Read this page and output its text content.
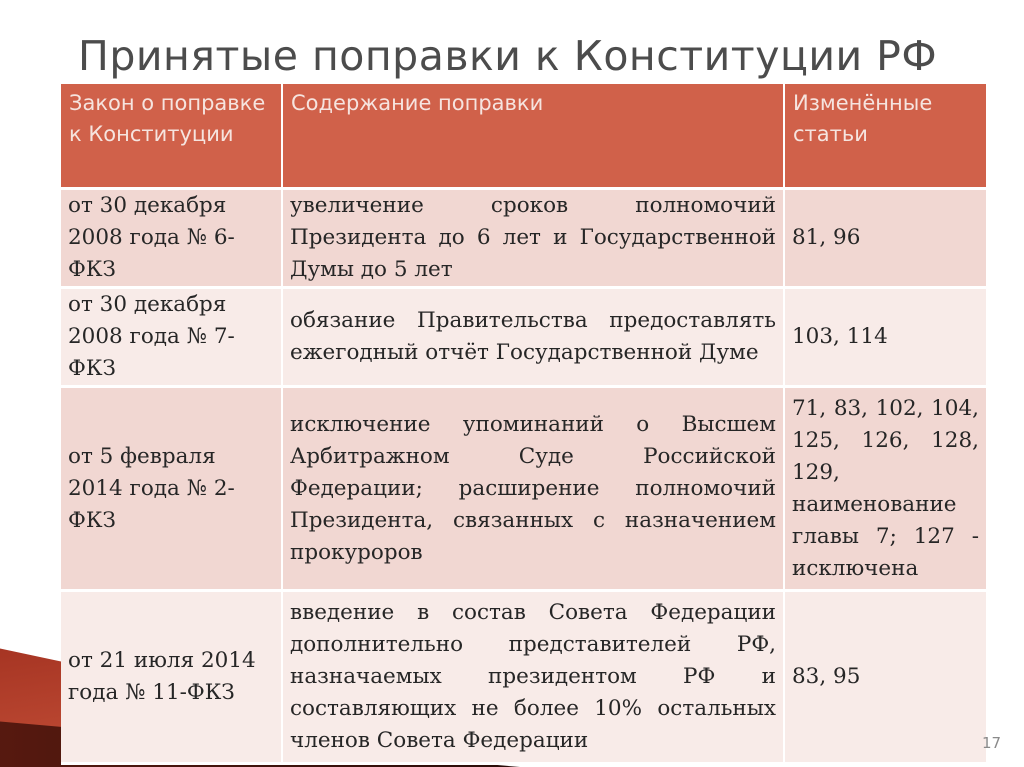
Принятые поправки к Конституции РФ
Закон о поправке к Конституции	Содержание поправки	Изменённые статьи
от 30 декабря 2008 года № 6-ФКЗ	увеличение сроков полномочий Президента до 6 лет и Государственной Думы до 5 лет	81, 96
от 30 декабря 2008 года № 7-ФКЗ	обязание Правительства предоставлять ежегодный отчёт Государственной Думе	103, 114
от 5 февраля 2014 года № 2-ФКЗ	исключение упоминаний о Высшем Арбитражном Суде Российской Федерации; расширение полномочий Президента, связанных с назначением прокуроров	71, 83, 102, 104, 125, 126, 128, 129, наименование главы 7; 127 - исключена
от 21 июля 2014 года № 11-ФКЗ	введение в состав Совета Федерации дополнительно представителей РФ, назначаемых президентом РФ и составляющих не более 10% остальных членов Совета Федерации	83, 95
17
